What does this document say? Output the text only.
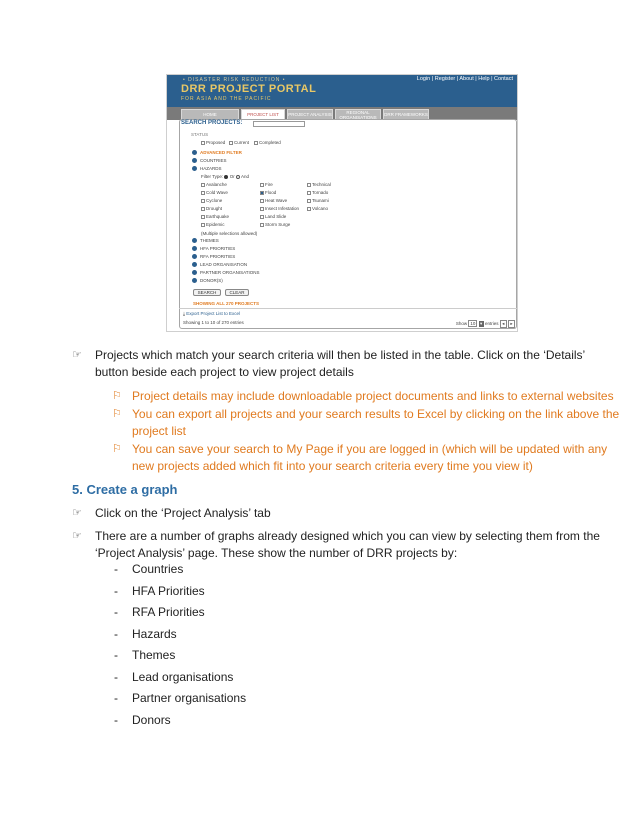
• DISASTER RISK REDUCTION •
DRR PROJECT PORTAL
FOR ASIA AND THE PACIFIC
Login | Register | About | Help | Contact
HOME	PROJECT LIST	PROJECT ANALYSIS	REGIONAL ORGANISATIONS	DRR FRAMEWORKS
SEARCH PROJECTS:
STATUS
Proposed	Current	Completed
ADVANCED FILTER
COUNTRIES
HAZARDS
Filter Type: Or And
(Multiple selections allowed)
THEMES
HFA PRIORITIES
RFA PRIORITIES
LEAD ORGANISATION
PARTNER ORGANISATIONS
DONOR(S)
SEARCH	CLEAR
SHOWING ALL 270 PROJECTS
⤓ Export Project List to Excel
Showing 1 to 10 of 270 entries	Show 10 ▾ entries ◂ ▸
Avalanche	Fire	Technical
Cold Wave	Flood	Tornado
Cyclone	Heat Wave	Tsunami
Drought	Insect Infestation	Volcano
Earthquake	Land Slide
Epidemic	Storm Surge
☞ Projects which match your search criteria will then be listed in the table. Click on the ‘Details’
button beside each project to view project details
⚐ Project details may include downloadable project documents and links to external websites
⚐ You can export all projects and your search results to Excel by clicking on the link above the
project list
⚐ You can save your search to My Page if you are logged in (which will be updated with any
new projects added which fit into your search criteria every time you view it)
5. Create a graph
☞ Click on the ‘Project Analysis’ tab
☞ There are a number of graphs already designed which you can view by selecting them from the
‘Project Analysis’ page. These show the number of DRR projects by:
- Countries
- HFA Priorities
- RFA Priorities
- Hazards
- Themes
- Lead organisations
- Partner organisations
- Donors
